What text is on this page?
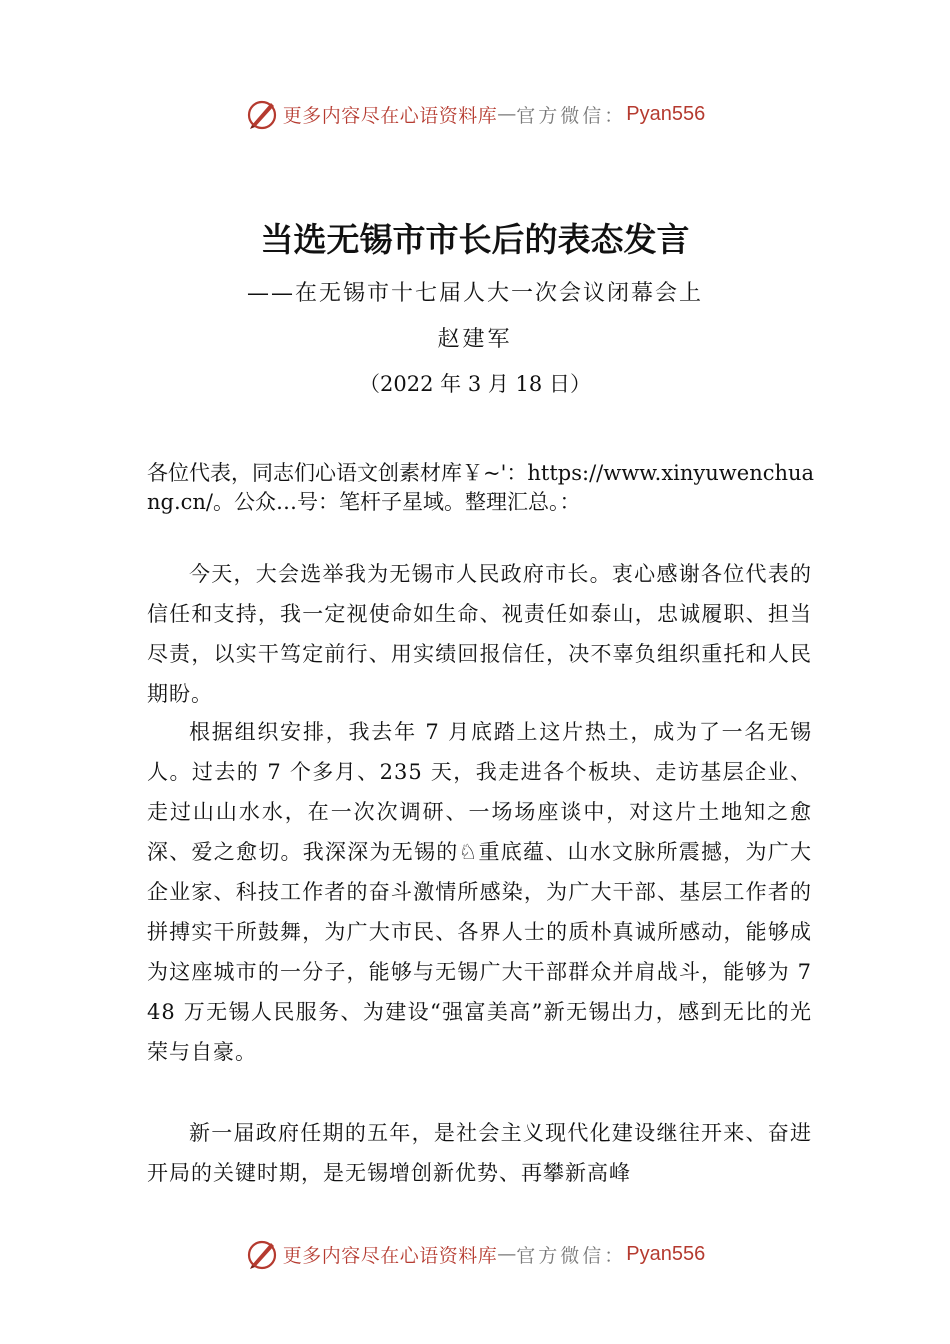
更多内容尽在心语资料库 — 官方微信： Pyan556
当选无锡市市长后的表态发言
——在无锡市十七届人大一次会议闭幕会上
赵建军
（2022 年 3 月 18 日）
各位代表，同志们心语文创素材库￥~'：https://www.xinyuwenchuang.cn/。公众…号：笔杆子星域。整理汇总。：
今天，大会选举我为无锡市人民政府市长。衷心感谢各位代表的信任和支持，我一定视使命如生命、视责任如泰山，忠诚履职、担当尽责，以实干笃定前行、用实绩回报信任，决不辜负组织重托和人民期盼。
根据组织安排，我去年 7 月底踏上这片热土，成为了一名无锡人。过去的 7 个多月、235 天，我走进各个板块、走访基层企业、走过山山水水，在一次次调研、一场场座谈中，对这片土地知之愈深、爱之愈切。我深深为无锡的♘重底蕴、山水文脉所震撼，为广大企业家、科技工作者的奋斗激情所感染，为广大干部、基层工作者的拼搏实干所鼓舞，为广大市民、各界人士的质朴真诚所感动，能够成为这座城市的一分子，能够与无锡广大干部群众并肩战斗，能够为 748 万无锡人民服务、为建设“强富美高”新无锡出力，感到无比的光荣与自豪。
新一届政府任期的五年，是社会主义现代化建设继往开来、奋进开局的关键时期，是无锡增创新优势、再攀新高峰
更多内容尽在心语资料库 — 官方微信： Pyan556
